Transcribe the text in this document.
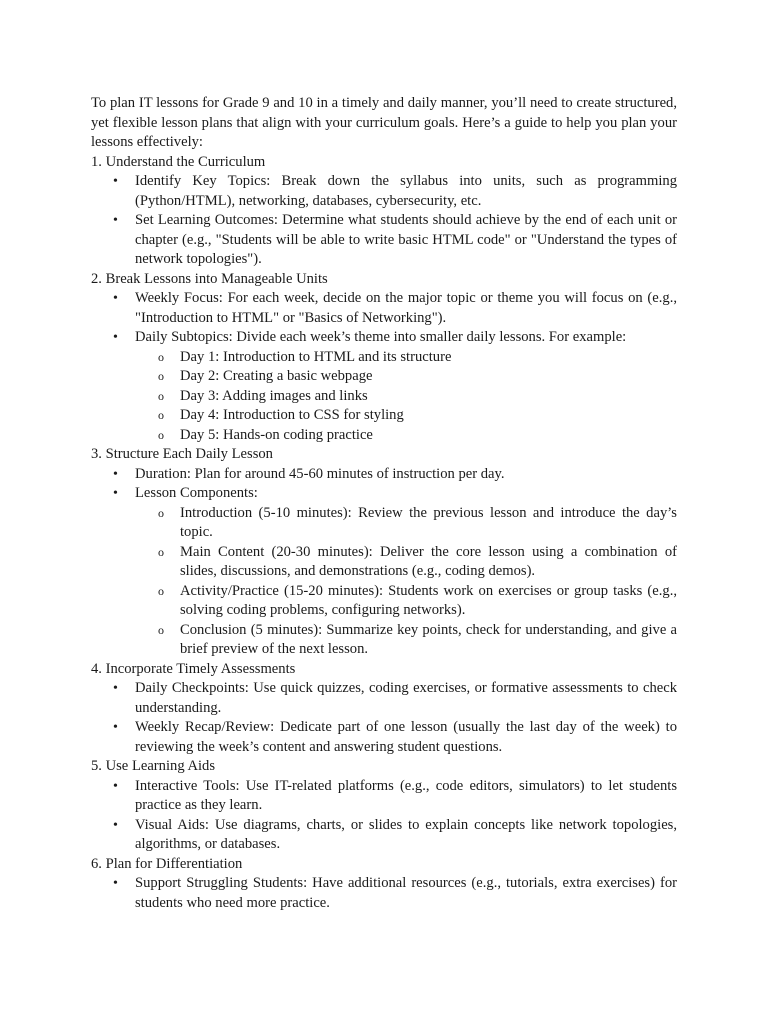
To plan IT lessons for Grade 9 and 10 in a timely and daily manner, you’ll need to create structured, yet flexible lesson plans that align with your curriculum goals. Here’s a guide to help you plan your lessons effectively:

1. Understand the Curriculum

•
Identify Key Topics: Break down the syllabus into units, such as programming (Python/HTML), networking, databases, cybersecurity, etc.
•
Set Learning Outcomes: Determine what students should achieve by the end of each unit or chapter (e.g., "Students will be able to write basic HTML code" or "Understand the types of network topologies").

2. Break Lessons into Manageable Units

•
Weekly Focus: For each week, decide on the major topic or theme you will focus on (e.g., "Introduction to HTML" or "Basics of Networking").
•
Daily Subtopics: Divide each week’s theme into smaller daily lessons. For example:
o Day 1: Introduction to HTML and its structure
o Day 2: Creating a basic webpage
o Day 3: Adding images and links
o Day 4: Introduction to CSS for styling
o Day 5: Hands-on coding practice

3. Structure Each Daily Lesson

•
Duration: Plan for around 45-60 minutes of instruction per day.
•
Lesson Components:
o Introduction (5-10 minutes): Review the previous lesson and introduce the day’s topic.
o Main Content (20-30 minutes): Deliver the core lesson using a combination of slides, discussions, and demonstrations (e.g., coding demos).
o Activity/Practice (15-20 minutes): Students work on exercises or group tasks (e.g., solving coding problems, configuring networks).
o Conclusion (5 minutes): Summarize key points, check for understanding, and give a brief preview of the next lesson.

4. Incorporate Timely Assessments

•
Daily Checkpoints: Use quick quizzes, coding exercises, or formative assessments to check understanding.
•
Weekly Recap/Review: Dedicate part of one lesson (usually the last day of the week) to reviewing the week’s content and answering student questions.

5. Use Learning Aids

•
Interactive Tools: Use IT-related platforms (e.g., code editors, simulators) to let students practice as they learn.
•
Visual Aids: Use diagrams, charts, or slides to explain concepts like network topologies, algorithms, or databases.

6. Plan for Differentiation

•
Support Struggling Students: Have additional resources (e.g., tutorials, extra exercises) for students who need more practice.
